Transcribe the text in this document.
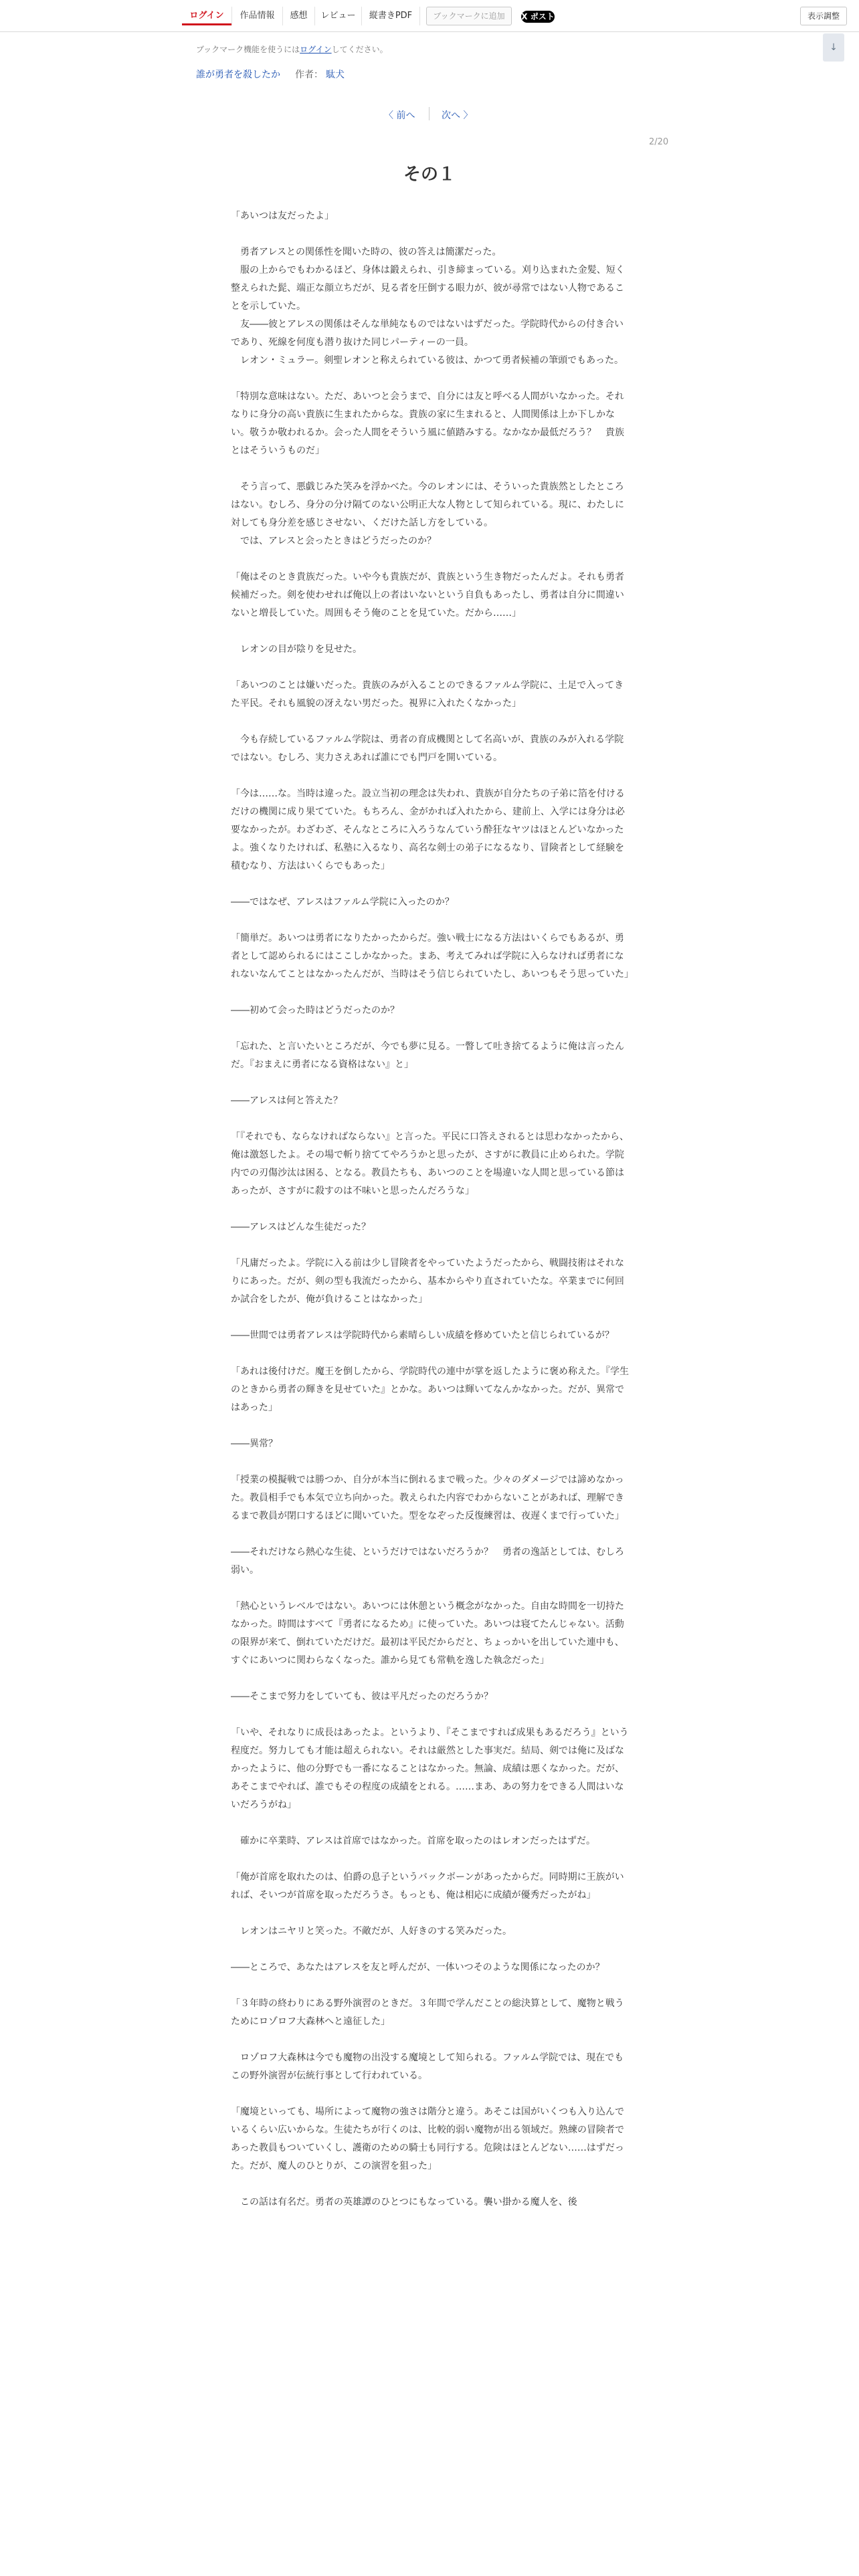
ログイン	作品情報	感想	レビュー	縦書きPDF	ブックマークに追加	X ポスト	表示調整
ブックマーク機能を使うにはログインしてください。	↓
誰が勇者を殺したか 作者： 駄犬
〈 前へ	次へ 〉
2/20
その１

「あいつは友だったよ」

　勇者アレスとの関係性を聞いた時の、彼の答えは簡潔だった。
　服の上からでもわかるほど、身体は鍛えられ、引き締まっている。刈り込まれた金髪、短く整えられた髭、端正な顔立ちだが、見る者を圧倒する眼力が、彼が尋常ではない人物であることを示していた。
　友――彼とアレスの関係はそんな単純なものではないはずだった。学院時代からの付き合いであり、死線を何度も潜り抜けた同じパーティーの一員。
　レオン・ミュラー。剣聖レオンと称えられている彼は、かつて勇者候補の筆頭でもあった。

「特別な意味はない。ただ、あいつと会うまで、自分には友と呼べる人間がいなかった。それなりに身分の高い貴族に生まれたからな。貴族の家に生まれると、人間関係は上か下しかない。敬うか敬われるか。会った人間をそういう風に値踏みする。なかなか最低だろう？　貴族とはそういうものだ」

　そう言って、悪戯じみた笑みを浮かべた。今のレオンには、そういった貴族然としたところはない。むしろ、身分の分け隔てのない公明正大な人物として知られている。現に、わたしに対しても身分差を感じさせない、くだけた話し方をしている。
　では、アレスと会ったときはどうだったのか？

「俺はそのとき貴族だった。いや今も貴族だが、貴族という生き物だったんだよ。それも勇者候補だった。剣を使わせれば俺以上の者はいないという自負もあったし、勇者は自分に間違いないと増長していた。周囲もそう俺のことを見ていた。だから……」

　レオンの目が陰りを見せた。

「あいつのことは嫌いだった。貴族のみが入ることのできるファルム学院に、土足で入ってきた平民。それも風貌の冴えない男だった。視界に入れたくなかった」

　今も存続しているファルム学院は、勇者の育成機関として名高いが、貴族のみが入れる学院ではない。むしろ、実力さえあれば誰にでも門戸を開いている。

「今は……な。当時は違った。設立当初の理念は失われ、貴族が自分たちの子弟に箔を付けるだけの機関に成り果てていた。もちろん、金がかれば入れたから、建前上、入学には身分は必要なかったが。わざわざ、そんなところに入ろうなんていう酔狂なヤツはほとんどいなかったよ。強くなりたければ、私塾に入るなり、高名な剣士の弟子になるなり、冒険者として経験を積むなり、方法はいくらでもあった」

――ではなぜ、アレスはファルム学院に入ったのか？

「簡単だ。あいつは勇者になりたかったからだ。強い戦士になる方法はいくらでもあるが、勇者として認められるにはここしかなかった。まあ、考えてみれば学院に入らなければ勇者になれないなんてことはなかったんだが、当時はそう信じられていたし、あいつもそう思っていた」

――初めて会った時はどうだったのか？

「忘れた、と言いたいところだが、今でも夢に見る。一瞥して吐き捨てるように俺は言ったんだ。『おまえに勇者になる資格はない』と」

――アレスは何と答えた？

「『それでも、ならなければならない』と言った。平民に口答えされるとは思わなかったから、俺は激怒したよ。その場で斬り捨ててやろうかと思ったが、さすがに教員に止められた。学院内での刃傷沙汰は困る、となる。教員たちも、あいつのことを場違いな人間と思っている節はあったが、さすがに殺すのは不味いと思ったんだろうな」

――アレスはどんな生徒だった？

「凡庸だったよ。学院に入る前は少し冒険者をやっていたようだったから、戦闘技術はそれなりにあった。だが、剣の型も我流だったから、基本からやり直されていたな。卒業までに何回か試合をしたが、俺が負けることはなかった」

――世間では勇者アレスは学院時代から素晴らしい成績を修めていたと信じられているが？

「あれは後付けだ。魔王を倒したから、学院時代の連中が掌を返したように褒め称えた。『学生のときから勇者の輝きを見せていた』とかな。あいつは輝いてなんかなかった。だが、異常ではあった」

――異常？

「授業の模擬戦では勝つか、自分が本当に倒れるまで戦った。少々のダメージでは諦めなかった。教員相手でも本気で立ち向かった。教えられた内容でわからないことがあれば、理解できるまで教員が閉口するほどに聞いていた。型をなぞった反復練習は、夜遅くまで行っていた」

――それだけなら熱心な生徒、というだけではないだろうか？　勇者の逸話としては、むしろ弱い。

「熱心というレベルではない。あいつには休憩という概念がなかった。自由な時間を一切持たなかった。時間はすべて『勇者になるため』に使っていた。あいつは寝てたんじゃない。活動の限界が来て、倒れていただけだ。最初は平民だからだと、ちょっかいを出していた連中も、すぐにあいつに関わらなくなった。誰から見ても常軌を逸した執念だった」

――そこまで努力をしていても、彼は平凡だったのだろうか？

「いや、それなりに成長はあったよ。というより、『そこまですれば成果もあるだろう』という程度だ。努力しても才能は超えられない。それは厳然とした事実だ。結局、剣では俺に及ばなかったように、他の分野でも一番になることはなかった。無論、成績は悪くなかった。だが、あそこまでやれば、誰でもその程度の成績をとれる。……まあ、あの努力をできる人間はいないだろうがね」

　確かに卒業時、アレスは首席ではなかった。首席を取ったのはレオンだったはずだ。

「俺が首席を取れたのは、伯爵の息子というバックボーンがあったからだ。同時期に王族がいれば、そいつが首席を取っただろうさ。もっとも、俺は相応に成績が優秀だったがね」

　レオンはニヤリと笑った。不敵だが、人好きのする笑みだった。

――ところで、あなたはアレスを友と呼んだが、一体いつそのような関係になったのか？

「３年時の終わりにある野外演習のときだ。３年間で学んだことの総決算として、魔物と戦うためにロゾロフ大森林へと遠征した」

　ロゾロフ大森林は今でも魔物の出没する魔境として知られる。ファルム学院では、現在でもこの野外演習が伝統行事として行われている。

「魔境といっても、場所によって魔物の強さは階分と違う。あそこは国がいくつも入り込んでいるくらい広いからな。生徒たちが行くのは、比較的弱い魔物が出る領域だ。熟練の冒険者であった教員もついていくし、護衛のための騎士も同行する。危険はほとんどない……はずだった。だが、魔人のひとりが、この演習を狙った」

　この話は有名だ。勇者の英雄譚のひとつにもなっている。襲い掛かる魔人を、後
